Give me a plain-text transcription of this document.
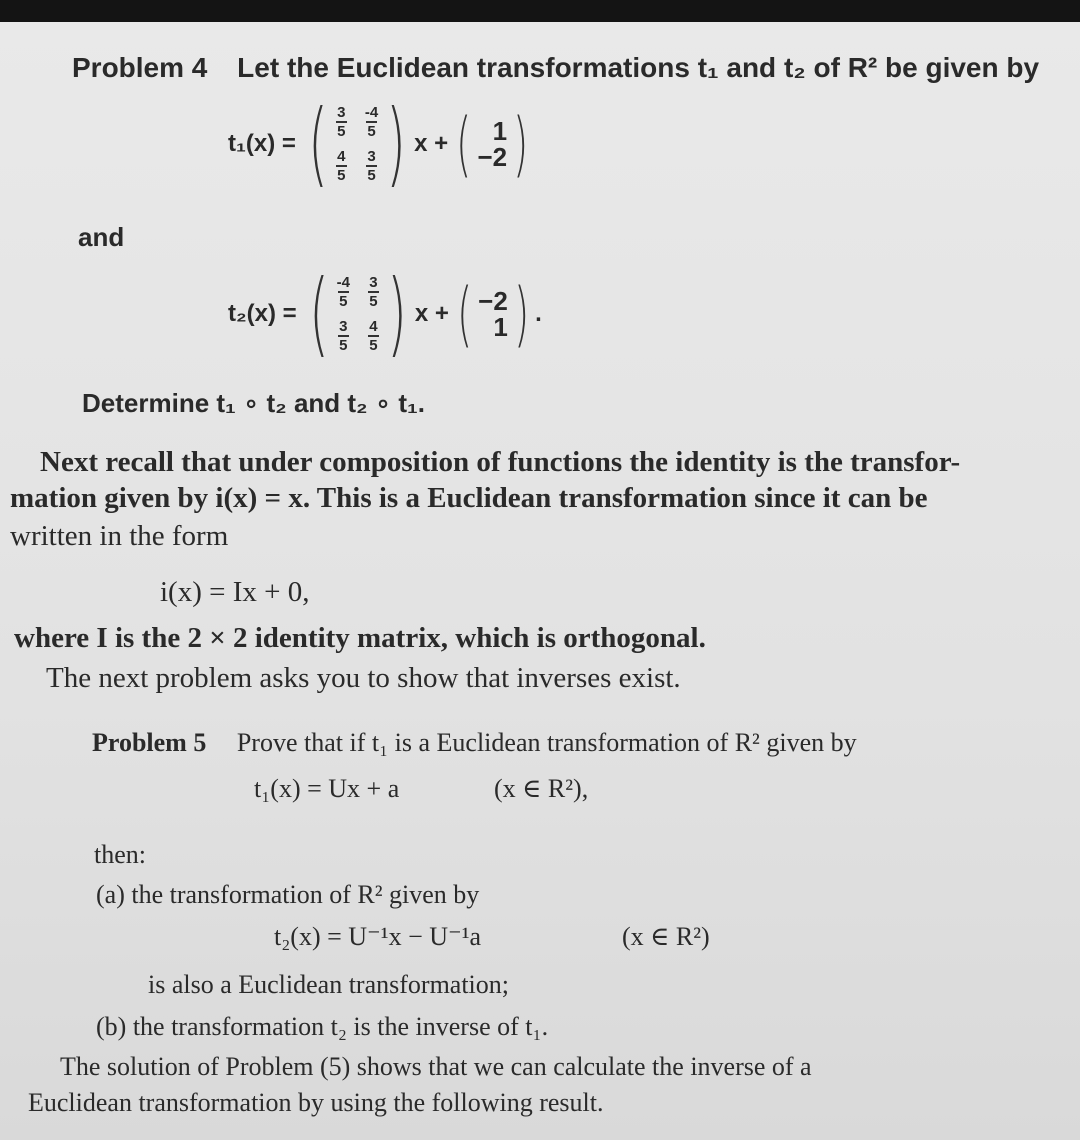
Problem 4 Let the Euclidean transformations t₁ and t₂ of R² be given by
t₁(x) = ( $\frac{3}{5}$
$\frac{4}{5}$
$\frac{-4}{5}$
$\frac{3}{5}$ ) x + ( 1
−2 )
and
t₂(x) = ( $\frac{-4}{5}$
$\frac{3}{5}$
$\frac{3}{5}$
$\frac{4}{5}$ ) x + ( −2
1 ) .
Determine t₁ ∘ t₂ and t₂ ∘ t₁.
Next recall that under composition of functions the identity is the transfor-
mation given by i(x) = x. This is a Euclidean transformation since it can be
written in the form
i(x) = Ix + 0,
where I is the 2 × 2 identity matrix, which is orthogonal.
The next problem asks you to show that inverses exist.
Problem 5 Prove that if t₁ is a Euclidean transformation of R² given by
t₁(x) = Ux + a	(x ∈ R²),
then:
(a) the transformation of R² given by
t₂(x) = U⁻¹x − U⁻¹a	(x ∈ R²)
is also a Euclidean transformation;
(b) the transformation t₂ is the inverse of t₁.
The solution of Problem (5) shows that we can calculate the inverse of a
Euclidean transformation by using the following result.
